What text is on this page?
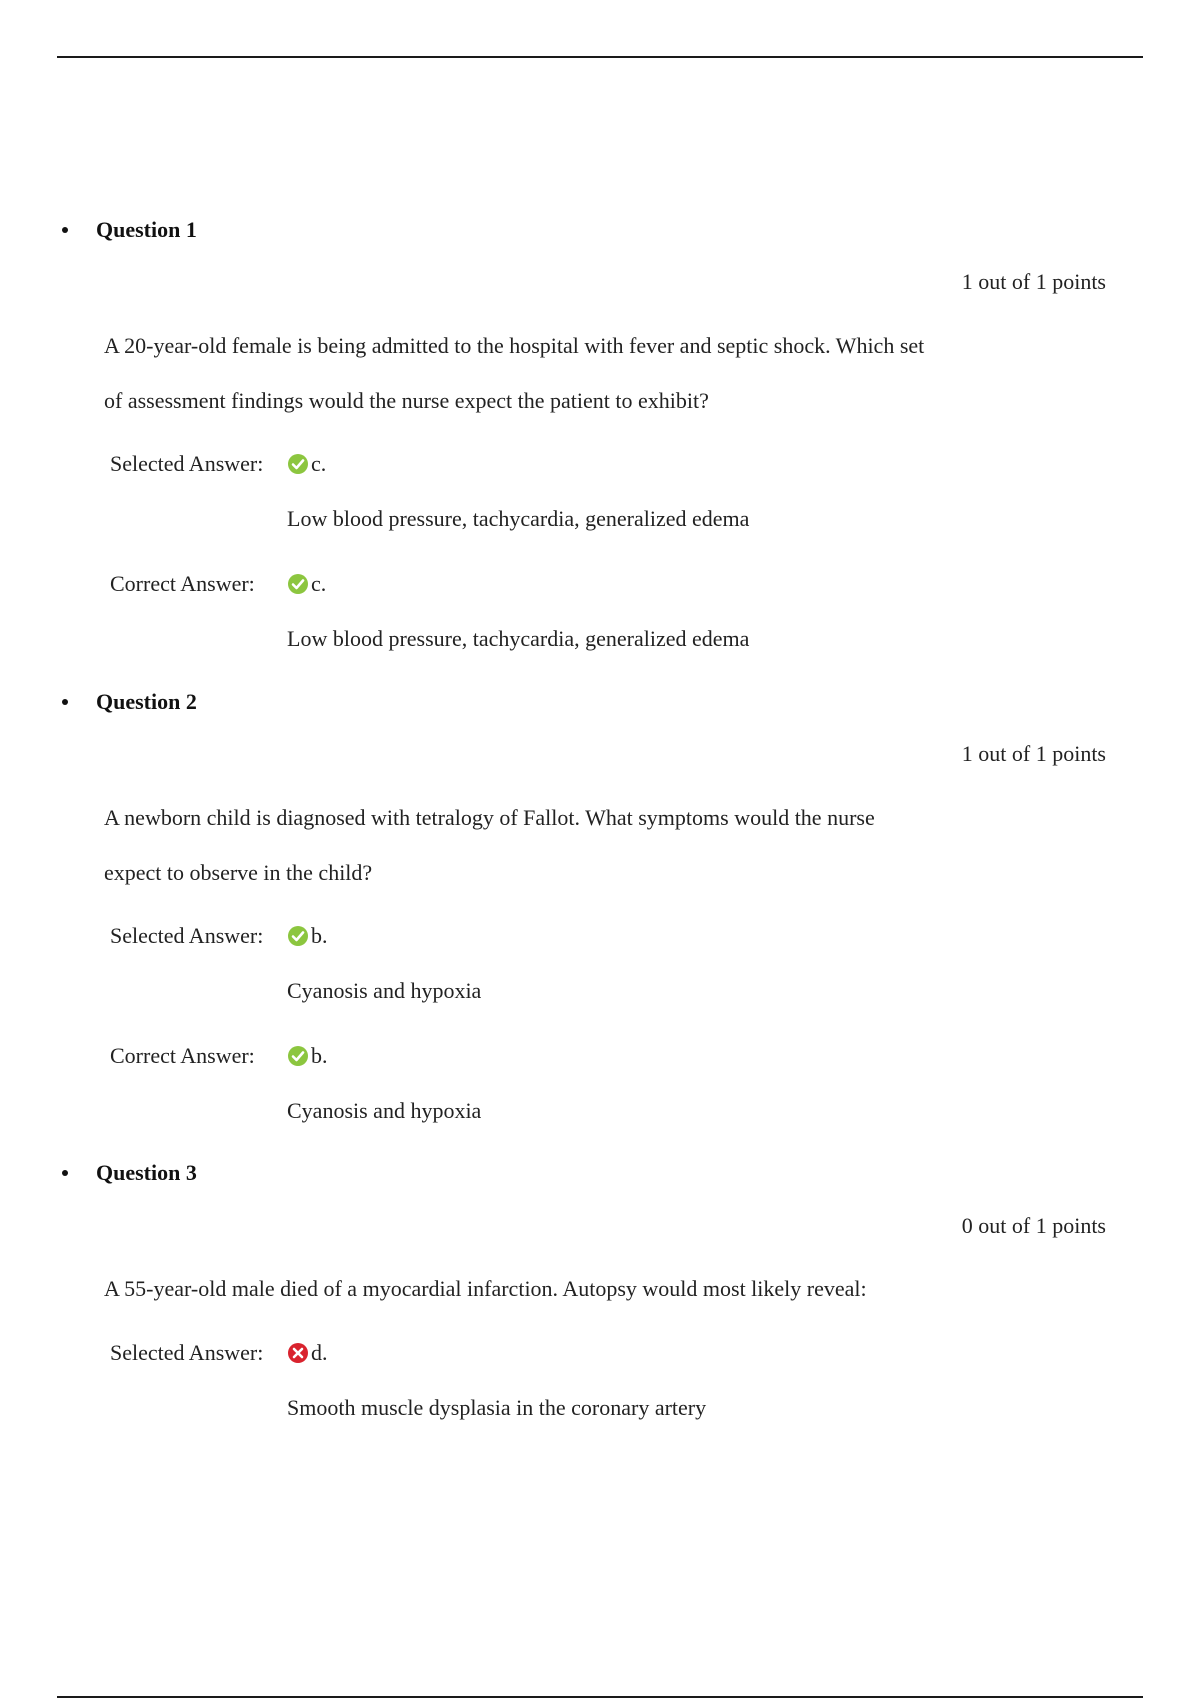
Question 1
1 out of 1 points
A 20-year-old female is being admitted to the hospital with fever and septic shock. Which set
of assessment findings would the nurse expect the patient to exhibit?
Selected Answer: c.
Low blood pressure, tachycardia, generalized edema
Correct Answer:	c.
Low blood pressure, tachycardia, generalized edema
Question 2
1 out of 1 points
A newborn child is diagnosed with tetralogy of Fallot. What symptoms would the nurse
expect to observe in the child?
Selected Answer: b.
Cyanosis and hypoxia
Correct Answer:	b.
Cyanosis and hypoxia
Question 3
0 out of 1 points
A 55-year-old male died of a myocardial infarction. Autopsy would most likely reveal:
Selected Answer: d.
Smooth muscle dysplasia in the coronary artery
